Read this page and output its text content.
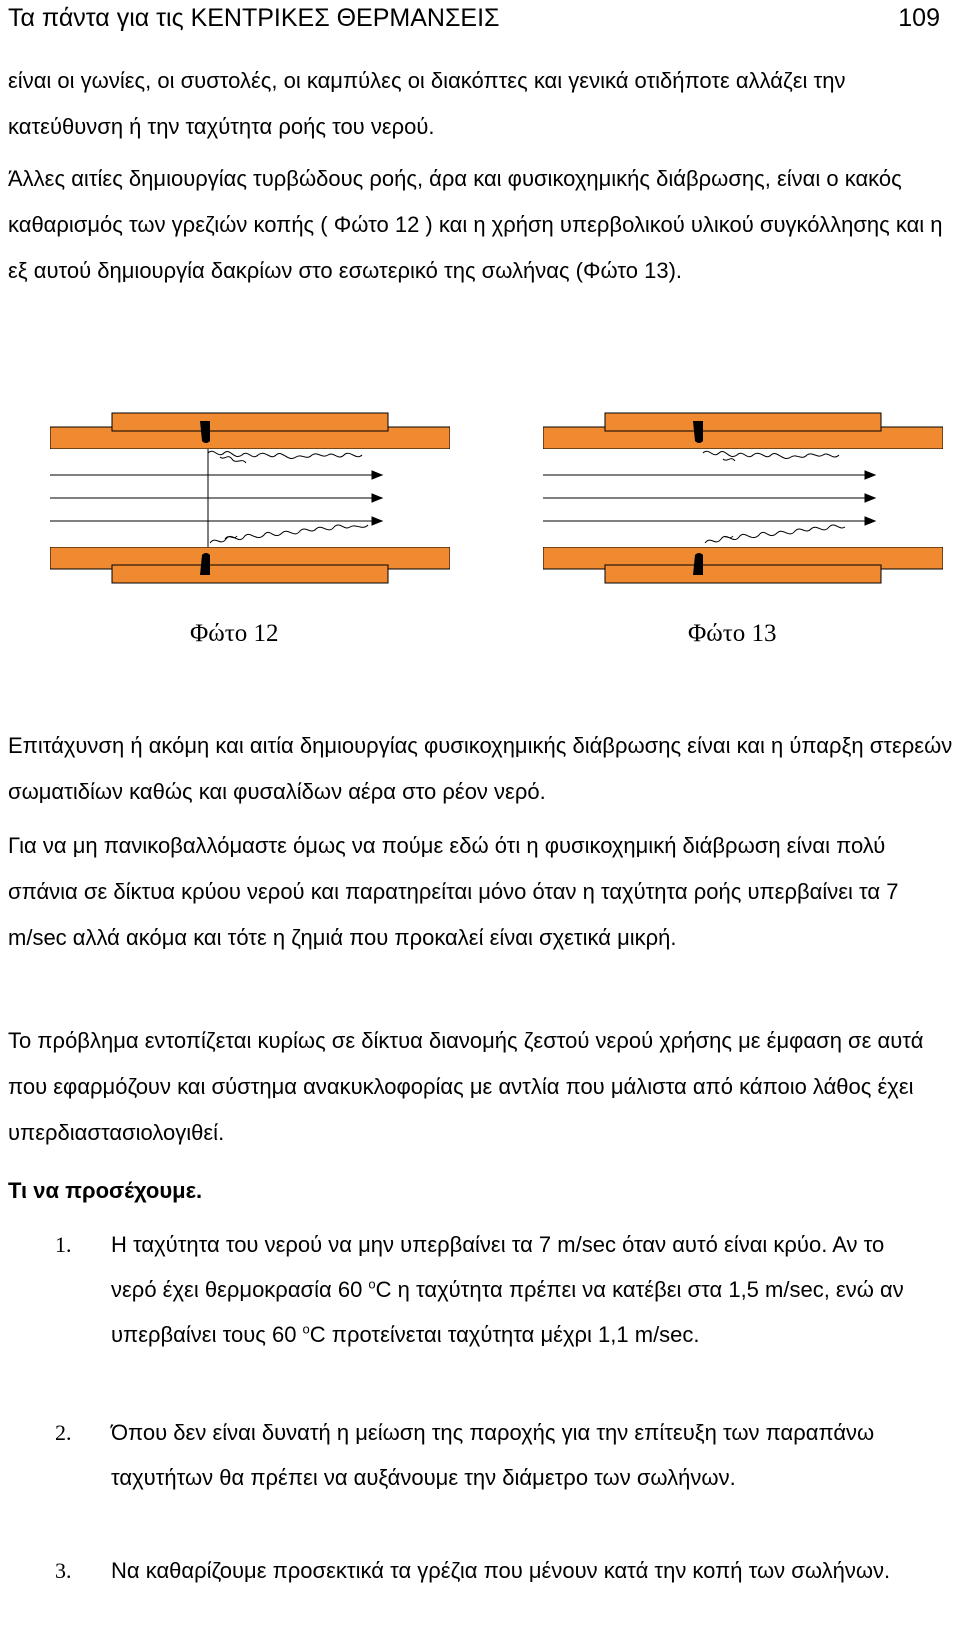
Τα πάντα για τις ΚΕΝΤΡΙΚΕΣ ΘΕΡΜΑΝΣΕΙΣ	109

είναι οι γωνίες, οι συστολές, οι καμπύλες οι διακόπτες και γενικά οτιδήποτε αλλάζει την κατεύθυνση ή την ταχύτητα ροής του νερού.

Άλλες αιτίες δημιουργίας τυρβώδους ροής, άρα και φυσικοχημικής διάβρωσης, είναι ο κακός καθαρισμός των γρεζιών κοπής ( Φώτο 12 ) και η χρήση υπερβολικού υλικού συγκόλλησης και η εξ αυτού δημιουργία δακρίων στο εσωτερικό της σωλήνας (Φώτο 13).

Φώτο 12	Φώτο 13

Επιτάχυνση ή ακόμη και αιτία δημιουργίας φυσικοχημικής διάβρωσης είναι και η ύπαρξη στερεών σωματιδίων καθώς και φυσαλίδων αέρα στο ρέον νερό.

Για να μη πανικοβαλλόμαστε όμως να πούμε εδώ ότι η φυσικοχημική διάβρωση είναι πολύ σπάνια σε δίκτυα κρύου νερού και παρατηρείται μόνο όταν η ταχύτητα ροής υπερβαίνει τα 7 m/sec αλλά ακόμα και τότε η ζημιά που προκαλεί είναι σχετικά μικρή.

Το πρόβλημα εντοπίζεται κυρίως σε δίκτυα διανομής ζεστού νερού χρήσης με έμφαση σε αυτά που εφαρμόζουν και σύστημα ανακυκλοφορίας με αντλία που μάλιστα από κάποιο λάθος έχει υπερδιαστασιολογιθεί.

Τι να προσέχουμε.

1. Η ταχύτητα του νερού να μην υπερβαίνει τα 7 m/sec όταν αυτό είναι κρύο. Αν το νερό έχει θερμοκρασία 60 $^o$C η ταχύτητα πρέπει να κατέβει στα 1,5 m/sec, ενώ αν υπερβαίνει τους 60 $^o$C προτείνεται ταχύτητα μέχρι 1,1 m/sec.
2. Όπου δεν είναι δυνατή η μείωση της παροχής για την επίτευξη των παραπάνω ταχυτήτων θα πρέπει να αυξάνουμε την διάμετρο των σωλήνων.
3. Να καθαρίζουμε προσεκτικά τα γρέζια που μένουν κατά την κοπή των σωλήνων.
